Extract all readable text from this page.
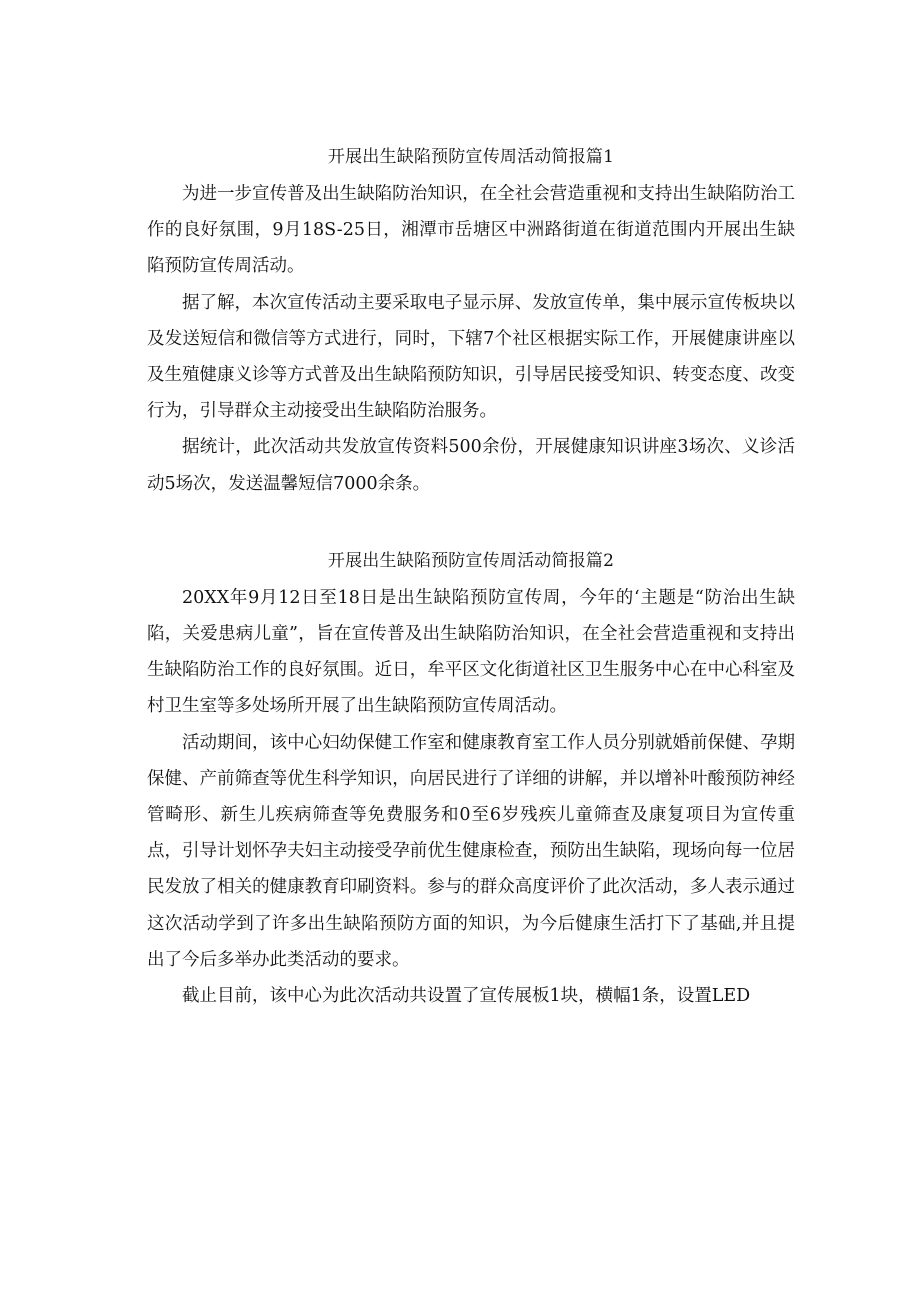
开展出生缺陷预防宣传周活动简报篇1

为进一步宣传普及出生缺陷防治知识，在全社会营造重视和支持出生缺陷防治工作的良好氛围，9月18S-25日，湘潭市岳塘区中洲路街道在街道范围内开展出生缺陷预防宣传周活动。

据了解，本次宣传活动主要采取电子显示屏、发放宣传单，集中展示宣传板块以及发送短信和微信等方式进行，同时，下辖7个社区根据实际工作，开展健康讲座以及生殖健康义诊等方式普及出生缺陷预防知识，引导居民接受知识、转变态度、改变行为，引导群众主动接受出生缺陷防治服务。

据统计，此次活动共发放宣传资料500余份，开展健康知识讲座3场次、义诊活动5场次，发送温馨短信7000余条。

开展出生缺陷预防宣传周活动简报篇2

20XX年9月12日至18日是出生缺陷预防宣传周，今年的‘主题是“防治出生缺陷，关爱患病儿童”，旨在宣传普及出生缺陷防治知识，在全社会营造重视和支持出生缺陷防治工作的良好氛围。近日，牟平区文化街道社区卫生服务中心在中心科室及村卫生室等多处场所开展了出生缺陷预防宣传周活动。

活动期间，该中心妇幼保健工作室和健康教育室工作人员分别就婚前保健、孕期保健、产前筛查等优生科学知识，向居民进行了详细的讲解，并以增补叶酸预防神经管畸形、新生儿疾病筛查等免费服务和0至6岁残疾儿童筛查及康复项目为宣传重点，引导计划怀孕夫妇主动接受孕前优生健康检查，预防出生缺陷，现场向每一位居民发放了相关的健康教育印刷资料。参与的群众高度评价了此次活动，多人表示通过这次活动学到了许多出生缺陷预防方面的知识，为今后健康生活打下了基础,并且提出了今后多举办此类活动的要求。

截止目前，该中心为此次活动共设置了宣传展板1块，横幅1条，设置LED
